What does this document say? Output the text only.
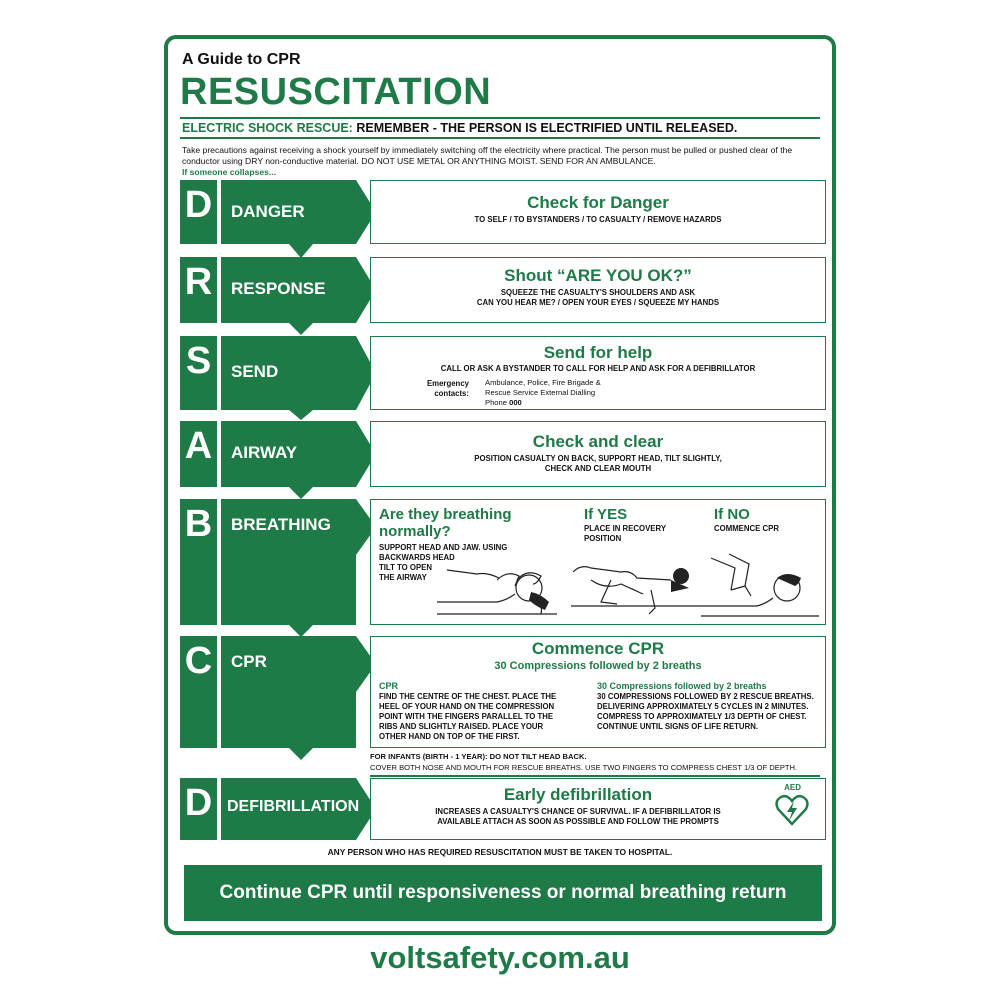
A Guide to CPR
RESUSCITATION
ELECTRIC SHOCK RESCUE: REMEMBER - THE PERSON IS ELECTRIFIED UNTIL RELEASED.
Take precautions against receiving a shock yourself by immediately switching off the electricity where practical. The person must be pulled or pushed clear of the conductor using DRY non-conductive material. DO NOT USE METAL OR ANYTHING MOIST. SEND FOR AN AMBULANCE.
If someone collapses...
D DANGER	Check for Danger
TO SELF / TO BYSTANDERS / TO CASUALTY / REMOVE HAZARDS
R RESPONSE
Shout “ARE YOU OK?”
SQUEEZE THE CASUALTY'S SHOULDERS AND ASK
CAN YOU HEAR ME? / OPEN YOUR EYES / SQUEEZE MY HANDS
S	SEND
Send for help
CALL OR ASK A BYSTANDER TO CALL FOR HELP AND ASK FOR A DEFIBRILLATOR
Emergency
contacts:
Ambulance, Police, Fire Brigade &
Rescue Service External Dialling
Phone 000
A AIRWAY
Check and clear
POSITION CASUALTY ON BACK, SUPPORT HEAD, TILT SLIGHTLY,
CHECK AND CLEAR MOUTH
B BREATHING
Are they breathing
normally?
SUPPORT HEAD AND JAW. USING
BACKWARDS HEAD
TILT TO OPEN
THE AIRWAY
If YES
PLACE IN RECOVERY
POSITION
If NO
COMMENCE CPR
C CPR
Commence CPR
30 Compressions followed by 2 breaths
CPR
FIND THE CENTRE OF THE CHEST. PLACE THE
HEEL OF YOUR HAND ON THE COMPRESSION
POINT WITH THE FINGERS PARALLEL TO THE
RIBS AND SLIGHTLY RAISED. PLACE YOUR
OTHER HAND ON TOP OF THE FIRST.
30 Compressions followed by 2 breaths
30 COMPRESSIONS FOLLOWED BY 2 RESCUE BREATHS.
DELIVERING APPROXIMATELY 5 CYCLES IN 2 MINUTES.
COMPRESS TO APPROXIMATELY 1/3 DEPTH OF CHEST.
CONTINUE UNTIL SIGNS OF LIFE RETURN.
FOR INFANTS (BIRTH - 1 YEAR): DO NOT TILT HEAD BACK.
COVER BOTH NOSE AND MOUTH FOR RESCUE BREATHS. USE TWO FINGERS TO COMPRESS CHEST 1/3 OF DEPTH.
D DEFIBRILLATION
Early defibrillation
INCREASES A CASUALTY'S CHANCE OF SURVIVAL. IF A DEFIBRILLATOR IS
AVAILABLE ATTACH AS SOON AS POSSIBLE AND FOLLOW THE PROMPTS
AED
ANY PERSON WHO HAS REQUIRED RESUSCITATION MUST BE TAKEN TO HOSPITAL.
Continue CPR until responsiveness or normal breathing return
voltsafety.com.au
